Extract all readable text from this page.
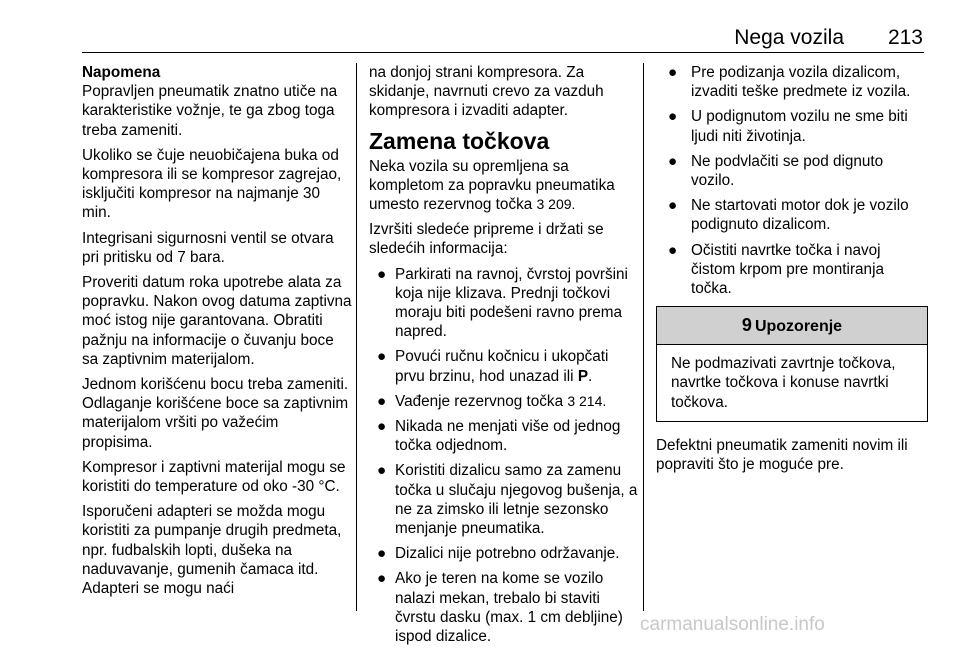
Nega vozila 213
Napomena

Popravljen pneumatik znatno utiče na karakteristike vožnje, te ga zbog toga treba zameniti.

Ukoliko se čuje neuobičajena buka od kompresora ili se kompresor zagrejao, isključiti kompresor na najmanje 30 min.

Integrisani sigurnosni ventil se otvara pri pritisku od 7 bara.

Proveriti datum roka upotrebe alata za popravku. Nakon ovog datuma zaptivna moć istog nije garantovana. Obratiti pažnju na informacije o čuvanju boce sa zaptivnim materijalom.

Jednom korišćenu bocu treba zameniti. Odlaganje korišćene boce sa zaptivnim materijalom vršiti po važećim propisima.

Kompresor i zaptivni materijal mogu se koristiti do temperature od oko -30 °C.

Isporučeni adapteri se možda mogu koristiti za pumpanje drugih predmeta, npr. fudbalskih lopti, dušeka na naduvavanje, gumenih čamaca itd. Adapteri se mogu naći

na donjoj strani kompresora. Za skidanje, navrnuti crevo za vazduh kompresora i izvaditi adapter.

Zamena točkova

Neka vozila su opremljena sa kompletom za popravku pneumatika umesto rezervnog točka 3 209.

Izvršiti sledeće pripreme i držati se sledećih informacija:

● Parkirati na ravnoj, čvrstoj površini koja nije klizava. Prednji točkovi moraju biti podešeni ravno prema napred.
● Povući ručnu kočnicu i ukopčati prvu brzinu, hod unazad ili P.
● Vađenje rezervnog točka 3 214.
● Nikada ne menjati više od jednog točka odjednom.
● Koristiti dizalicu samo za zamenu točka u slučaju njegovog bušenja, a ne za zimsko ili letnje sezonsko menjanje pneumatika.
● Dizalici nije potrebno održavanje.
● Ako je teren na kome se vozilo nalazi mekan, trebalo bi staviti čvrstu dasku (max. 1 cm debljine) ispod dizalice.
● Pre podizanja vozila dizalicom, izvaditi teške predmete iz vozila.
● U podignutom vozilu ne sme biti ljudi niti životinja.
● Ne podvlačiti se pod dignuto vozilo.
● Ne startovati motor dok je vozilo podignuto dizalicom.
● Očistiti navrtke točka i navoj čistom krpom pre montiranja točka.
9 Upozorenje
Ne podmazivati zavrtnje točkova, navrtke točkova i konuse navrtki točkova.

Defektni pneumatik zameniti novim ili popraviti što je moguće pre.

carmanualsonline.info
